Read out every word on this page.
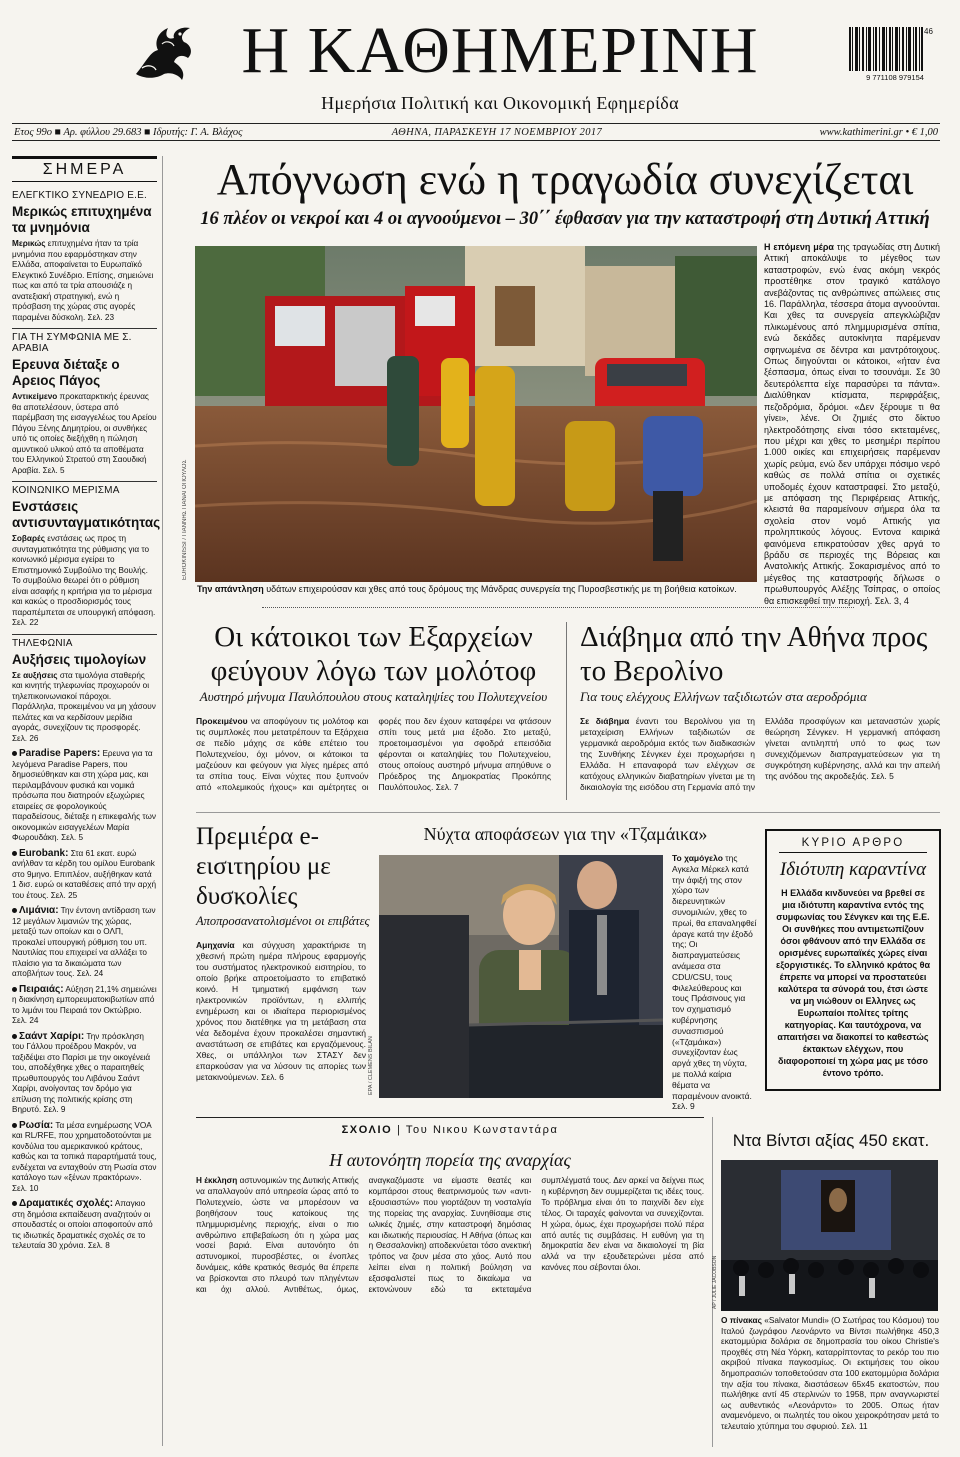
Η ΚΑΘΗΜΕΡΙΝΗ
Ημερήσια Πολιτική και Οικονομική Εφημερίδα
46
9 771108 979154
Ετος 99ο ■ Αρ. φύλλου 29.683 ■ Ιδρυτής: Γ. Α. Βλάχος	ΑΘΗΝΑ, ΠΑΡΑΣΚΕΥΗ 17 ΝΟΕΜΒΡΙΟΥ 2017	www.kathimerini.gr • € 1,00
ΣΗΜΕΡΑ
ΕΛΕΓΚΤΙΚΟ ΣΥΝΕΔΡΙΟ Ε.Ε.
Μερικώς επιτυχημένα τα μνημόνια
Μερικώς επιτυχημένα ήταν τα τρία μνημόνια που εφαρμόστηκαν στην Ελλάδα, αποφαίνεται το Ευρωπαϊκό Ελεγκτικό Συνέδριο. Επίσης, σημειώνει πως και από τα τρία απουσιάζε η ανατεξιακή στρατηγική, ενώ η πρόσβαση της χώρας στις αγορές παραμένει δύσκολη. Σελ. 23
ΓΙΑ ΤΗ ΣΥΜΦΩΝΙΑ ΜΕ Σ. ΑΡΑΒΙΑ
Ερευνα διέταξε ο Αρειος Πάγος
Αντικείμενο προκαταρκτικής έρευνας θα αποτελέσουν, ύστερα από παρέμβαση της εισαγγελέως του Αρείου Πάγου Ξένης Δημητρίου, οι συνθήκες υπό τις οποίες διεξήχθη η πώληση αμυντικού υλικού από τα αποθέματα του Ελληνικού Στρατού στη Σαουδική Αραβία. Σελ. 5
ΚΟΙΝΩΝΙΚΟ ΜΕΡΙΣΜΑ
Ενστάσεις αντισυνταγματικότητας
Σοβαρές ενστάσεις ως προς τη συνταγματικότητα της ρύθμισης για το κοινωνικό μέρισμα εγείρει το Επιστημονικό Συμβούλιο της Βουλής. Το συμβούλιο θεωρεί ότι ο ρύθμιση είναι ασαφής η κριτήρια για το μέρισμα και κακώς ο προσδιορισμός τους παραπέμπεται σε υπουργική απόφαση. Σελ. 22
ΤΗΛΕΦΩΝΙΑ
Αυξήσεις τιμολογίων
Σε αυξήσεις στα τιμολόγια σταθερής και κινητής τηλεφωνίας προχωρούν οι τηλεπικοινωνιακοί πάροχοι. Παράλληλα, προκειμένου να μη χάσουν πελάτες και να κερδίσουν μερίδια αγοράς, συνεχίζουν τις προσφορές. Σελ. 26
Paradise Papers: Ερευνα για τα λεγόμενα Paradise Papers, που δημοσιεύθηκαν και στη χώρα μας, και περιλαμβάνουν φυσικά και νομικά πρόσωπα που διατηρούν εξωχώριες εταιρείες σε φορολογικούς παραδείσους, διέταξε η επικεφαλής των οικονομικών εισαγγελέων Μαρία Φωρουδάκη. Σελ. 5
Eurobank: Στα 61 εκατ. ευρώ ανήλθαν τα κέρδη του ομίλου Eurobank στο 9μηνο. Επιπλέον, αυξήθηκαν κατά 1 δισ. ευρώ οι καταθέσεις από την αρχή του έτους. Σελ. 25
Λιμάνια: Την έντονη αντίδραση των 12 μεγάλων λιμανιών της χώρας, μεταξύ των οποίων και ο ΟΛΠ, προκαλεί υπουργική ρύθμιση του υπ. Ναυτιλίας που επιχειρεί να αλλάξει το πλαίσιο για τα δικαιώματα των αποβλήτων τους. Σελ. 24
Πειραιάς: Αύξηση 21,1% σημειώνει η διακίνηση εμπορευματοκιβωτίων από το λιμάνι του Πειραιά τον Οκτώβριο. Σελ. 24
Σαάντ Χαρίρι: Την πρόσκληση του Γάλλου προέδρου Μακρόν, να ταξιδέψει στο Παρίσι με την οικογένειά του, αποδέχθηκε χθες ο παραιτηθείς πρωθυπουργός του Λιβάνου Σαάντ Χαρίρι, ανοίγοντας τον δρόμο για επίλυση της πολιτικής κρίσης στη Βηρυτό. Σελ. 9
Ρωσία: Τα μέσα ενημέρωσης VOA και RL/RFE, που χρηματοδοτούνται με κονδύλια του αμερικανικού κράτους, καθώς και τα τοπικά παραρτήματά τους, ενδέχεται να ενταχθούν στη Ρωσία στον κατάλογο των «ξένων πρακτόρων». Σελ. 10
Δραματικές σχολές: Απαγκιο στη δημόσια εκπαίδευση αναζητούν οι σπουδαστές οι οποίοι αποφοιτούν από τις ιδιωτικές δραματικές σχολές σε το τελευταία 30 χρόνια. Σελ. 8
Απόγνωση ενώ η τραγωδία συνεχίζεται
16 πλέον οι νεκροί και 4 οι αγνοούμενοι – 30΄΄ έφθασαν για την καταστροφή στη Δυτική Αττική
EUROKINISSI / ΓΙΑΝΝΗΣ ΠΑΝΑΓΟΠΟΥΛΟΣ
Την απάντληση υδάτων επιχειρούσαν και χθες από τους δρόμους της Μάνδρας συνεργεία της Πυροσβεστικής με τη βοήθεια κατοίκων.
Η επόμενη μέρα της τραγωδίας στη Δυτική Αττική αποκάλυψε το μέγεθος των καταστροφών, ενώ ένας ακόμη νεκρός προστέθηκε στον τραγικό κατάλογο ανεβάζοντας τις ανθρώπινες απώλειες στις 16. Παράλληλα, τέσσερα άτομα αγνοούνται. Και χθες τα συνεργεία απεγκλώβιζαν πλικωμένους από πλημμυρισμένα σπίτια, ενώ δεκάδες αυτοκίνητα παρέμεναν σφηνωμένα σε δέντρα και μαντρότοιχους. Οπως διηγούνται οι κάτοικοι, «ήταν ένα ξέσπασμα, όπως είναι το τσουνάμι. Σε 30 δευτερόλεπτα είχε παρασύρει τα πάντα». Διαλύθηκαν κτίσματα, περιφράξεις, πεζοδρόμια, δρόμοι. «Δεν ξέρουμε τι θα γίνει», λένε. Οι ζημιές στο δίκτυο ηλεκτροδότησης είναι τόσο εκτεταμένες, που μέχρι και χθες το μεσημέρι περίπου 1.000 οικίες και επιχειρήσεις παρέμεναν χωρίς ρεύμα, ενώ δεν υπάρχει πόσιμο νερό καθώς σε πολλά σπίτια οι σχετικές υποδομές έχουν καταστραφεί. Στο μεταξύ, με απόφαση της Περιφέρειας Αττικής, κλειστά θα παραμείνουν σήμερα όλα τα σχολεία στον νομό Αττικής για προληπτικούς λόγους. Εντονα καιρικά φαινόμενα επικρατούσαν χθες αργά το βράδυ σε περιοχές της Βόρειας και Ανατολικής Αττικής. Σοκαρισμένος από το μέγεθος της καταστροφής δήλωσε ο πρωθυπουργός Αλέξης Τσίπρας, ο οποίος θα επισκεφθεί την περιοχή. Σελ. 3, 4
Οι κάτοικοι των Εξαρχείων φεύγουν λόγω των μολότοφ
Αυστηρό μήνυμα Παυλόπουλου στους καταληψίες του Πολυτεχνείου
Προκειμένου να αποφύγουν τις μολότοφ και τις συμπλοκές που μετατρέπουν τα Εξάρχεια σε πεδίο μάχης σε κάθε επέτειο του Πολυτεχνείου, όχι μόνον, οι κάτοικοι τα μαζεύουν και φεύγουν για λίγες ημέρες από τα σπίτια τους. Είναι νύχτες που ξυπνούν από «πολεμικούς ήχους» και αμέτρητες οι φορές που δεν έχουν καταφέρει να φτάσουν σπίτι τους μετά μια έξοδο. Στο μεταξύ, προετοιμασμένοι για σφοδρά επεισόδια φέρονται οι καταληψίες του Πολυτεχνείου, στους οποίους αυστηρό μήνυμα απηύθυνε ο Πρόεδρος της Δημοκρατίας Προκόπης Παυλόπουλος. Σελ. 7
Διάβημα από την Αθήνα προς το Βερολίνο
Για τους ελέγχους Ελλήνων ταξιδιωτών στα αεροδρόμια
Σε διάβημα έναντι του Βερολίνου για τη μεταχείριση Ελλήνων ταξιδιωτών σε γερμανικά αεροδρόμια εκτός των διαδικασιών της Συνθήκης Σένγκεν έχει προχωρήσει η Ελλάδα. Η επαναφορά των ελέγχων σε κατόχους ελληνικών διαβατηρίων γίνεται με τη δικαιολογία της εισόδου στη Γερμανία από την Ελλάδα προσφύγων και μεταναστών χωρίς θεώρηση Σένγκεν. Η γερμανική απόφαση γίνεται αντιληπτή υπό το φως των συνεχιζόμενων διαπραγματεύσεων για τη συγκρότηση κυβέρνησης, αλλά και την απειλή της ανόδου της ακροδεξιάς. Σελ. 5
Πρεμιέρα e-εισιτηρίου με δυσκολίες
Αποπροσανατολισμένοι οι επιβάτες
Αμηχανία και σύγχυση χαρακτήρισε τη χθεσινή πρώτη ημέρα πλήρους εφαρμογής του συστήματος ηλεκτρονικού εισιτηρίου, το οποίο βρήκε απροετοίμαστο το επιβατικό κοινό. Η τμηματική εμφάνιση των ηλεκτρονικών προϊόντων, η ελλιπής ενημέρωση και οι ιδιαίτερα περιορισμένος χρόνος που διατέθηκε για τη μετάβαση στα νέα δεδομένα έχουν προκαλέσει σημαντική αναστάτωση σε επιβάτες και εργαζόμενους. Χθες, οι υπάλληλοι των ΣΤΑΣΥ δεν επαρκούσαν για να λύσουν τις απορίες των μετακινούμενων. Σελ. 6
Νύχτα αποφάσεων για την «Τζαμάικα»
EPA / CLEMENS BILAN
Το χαμόγελο της Αγκελα Μέρκελ κατά την άφιξή της στον χώρο των διερευνητικών συνομιλιών, χθες το πρωί, θα επαναληφθεί άραγε κατά την έξοδό της; Οι διαπραγματεύσεις ανάμεσα στα CDU/CSU, τους Φιλελεύθερους και τους Πράσινους για τον σχηματισμό κυβέρνησης συνασπισμού («Τζαμάικα») συνεχίζονταν έως αργά χθες τη νύχτα, με πολλά καίρια θέματα να παραμένουν ανοικτά. Σελ. 9
ΚΥΡΙΟ ΑΡΘΡΟ
Ιδιότυπη καραντίνα
Η Ελλάδα κινδυνεύει να βρεθεί σε μια ιδιότυπη καραντίνα εντός της συμφωνίας του Σένγκεν και της Ε.Ε. Οι συνθήκες που αντιμετωπίζουν όσοι φθάνουν από την Ελλάδα σε ορισμένες ευρωπαϊκές χώρες είναι εξοργιστικές. Το ελληνικό κράτος θα έπρεπε να μπορεί να προστατεύει καλύτερα τα σύνορά του, έτσι ώστε να μη νιώθουν οι Ελληνες ως Ευρωπαίοι πολίτες τρίτης κατηγορίας. Και ταυτόχρονα, να απαιτήσει να διακοπεί το καθεστώς έκτακτων ελέγχων, που διαφοροποιεί τη χώρα μας με τόσο έντονο τρόπο.
ΣΧΟΛΙΟ | Του Νικου Κωνσταντάρα
Η αυτονόητη πορεία της αναρχίας
Η έκκληση αστυνομικών της Δυτικής Αττικής να απαλλαγούν από υπηρεσία ώρας από το Πολυτεχνείο, ώστε να μπορέσουν να βοηθήσουν τους κατοίκους της πλημμυρισμένης περιοχής, είναι ο πιο ανθρώπινο επιβεβαίωση ότι η χώρα μας νοσεί βαριά. Είναι αυτονόητο ότι αστυνομικοί, πυροσβέστες, οι ένοπλες δυνάμεις, κάθε κρατικός θεσμός θα έπρεπε να βρίσκονται στο πλευρό των πληγέντων και όχι αλλού. Αντιθέτως, όμως, αναγκαζόμαστε να είμαστε θεατές και κομπάρσοι στους θεατρινισμούς των «αντι-εξουσιαστών» που γιορτάζουν τη νοσταλγία της πορείας της αναρχίας. Συνηθίσαμε στις ωλικές ζημιές, στην καταστροφή δημόσιας και ιδιωτικής περιουσίας. Η Αθήνα (όπως και η Θεσσαλονίκη) αποδεκνύεται τόσο ανεκτική τρόπος να ζουν μέσα στο χάος. Αυτό που λείπει είναι η πολιτική βούληση να εξασφαλιστεί πως το δικαίωμα να εκτονώνουν εδώ τα εκτεταμένα συμπλέγματά τους. Δεν αρκεί να δείχνει πως η κυβέρνηση δεν συμμερίζεται τις ιδέες τους. Το πρόβλημα είναι ότι το παιχνίδι δεν είχε τέλος. Οι ταραχές φαίνονται να συνεχίζονται. Η χώρα, όμως, έχει προχωρήσει πολύ πέρα από αυτές τις συμβάσεις. Η ευθύνη για τη δημοκρατία δεν είναι να δικαιολογεί τη βία αλλά να την εξουδετερώνει μέσα από κανόνες που σέβονται όλοι.
Ντα Βίντσι αξίας 450 εκατ.
AP / JULIE JACOBSON
Ο πίνακας «Salvator Mundi» (Ο Σωτήρας του Κόσμου) του Ιταλού ζωγράφου Λεονάρντο να Βίντσι πωλήθηκε 450,3 εκατομμύρια δολάρια σε δημοπρασία του οίκου Christie's προχθές στη Νέα Υόρκη, καταρρίπτοντας το ρεκόρ του πιο ακριβού πίνακα παγκοσμίως. Οι εκτιμήσεις του οίκου δημοπρασιών τοποθετούσαν στα 100 εκατομμύρια δολάρια την αξία του πίνακα, διαστάσεων 65x45 εκατοστών, που πωλήθηκε αντί 45 στερλινών το 1958, πριν αναγνωριστεί ως αυθεντικός «Λεονάρντο» το 2005. Οπως ήταν αναμενόμενο, οι πωλητές του οίκου χειροκρότησαν μετά το τελευταίο χτύπημα του σφυριού. Σελ. 11
